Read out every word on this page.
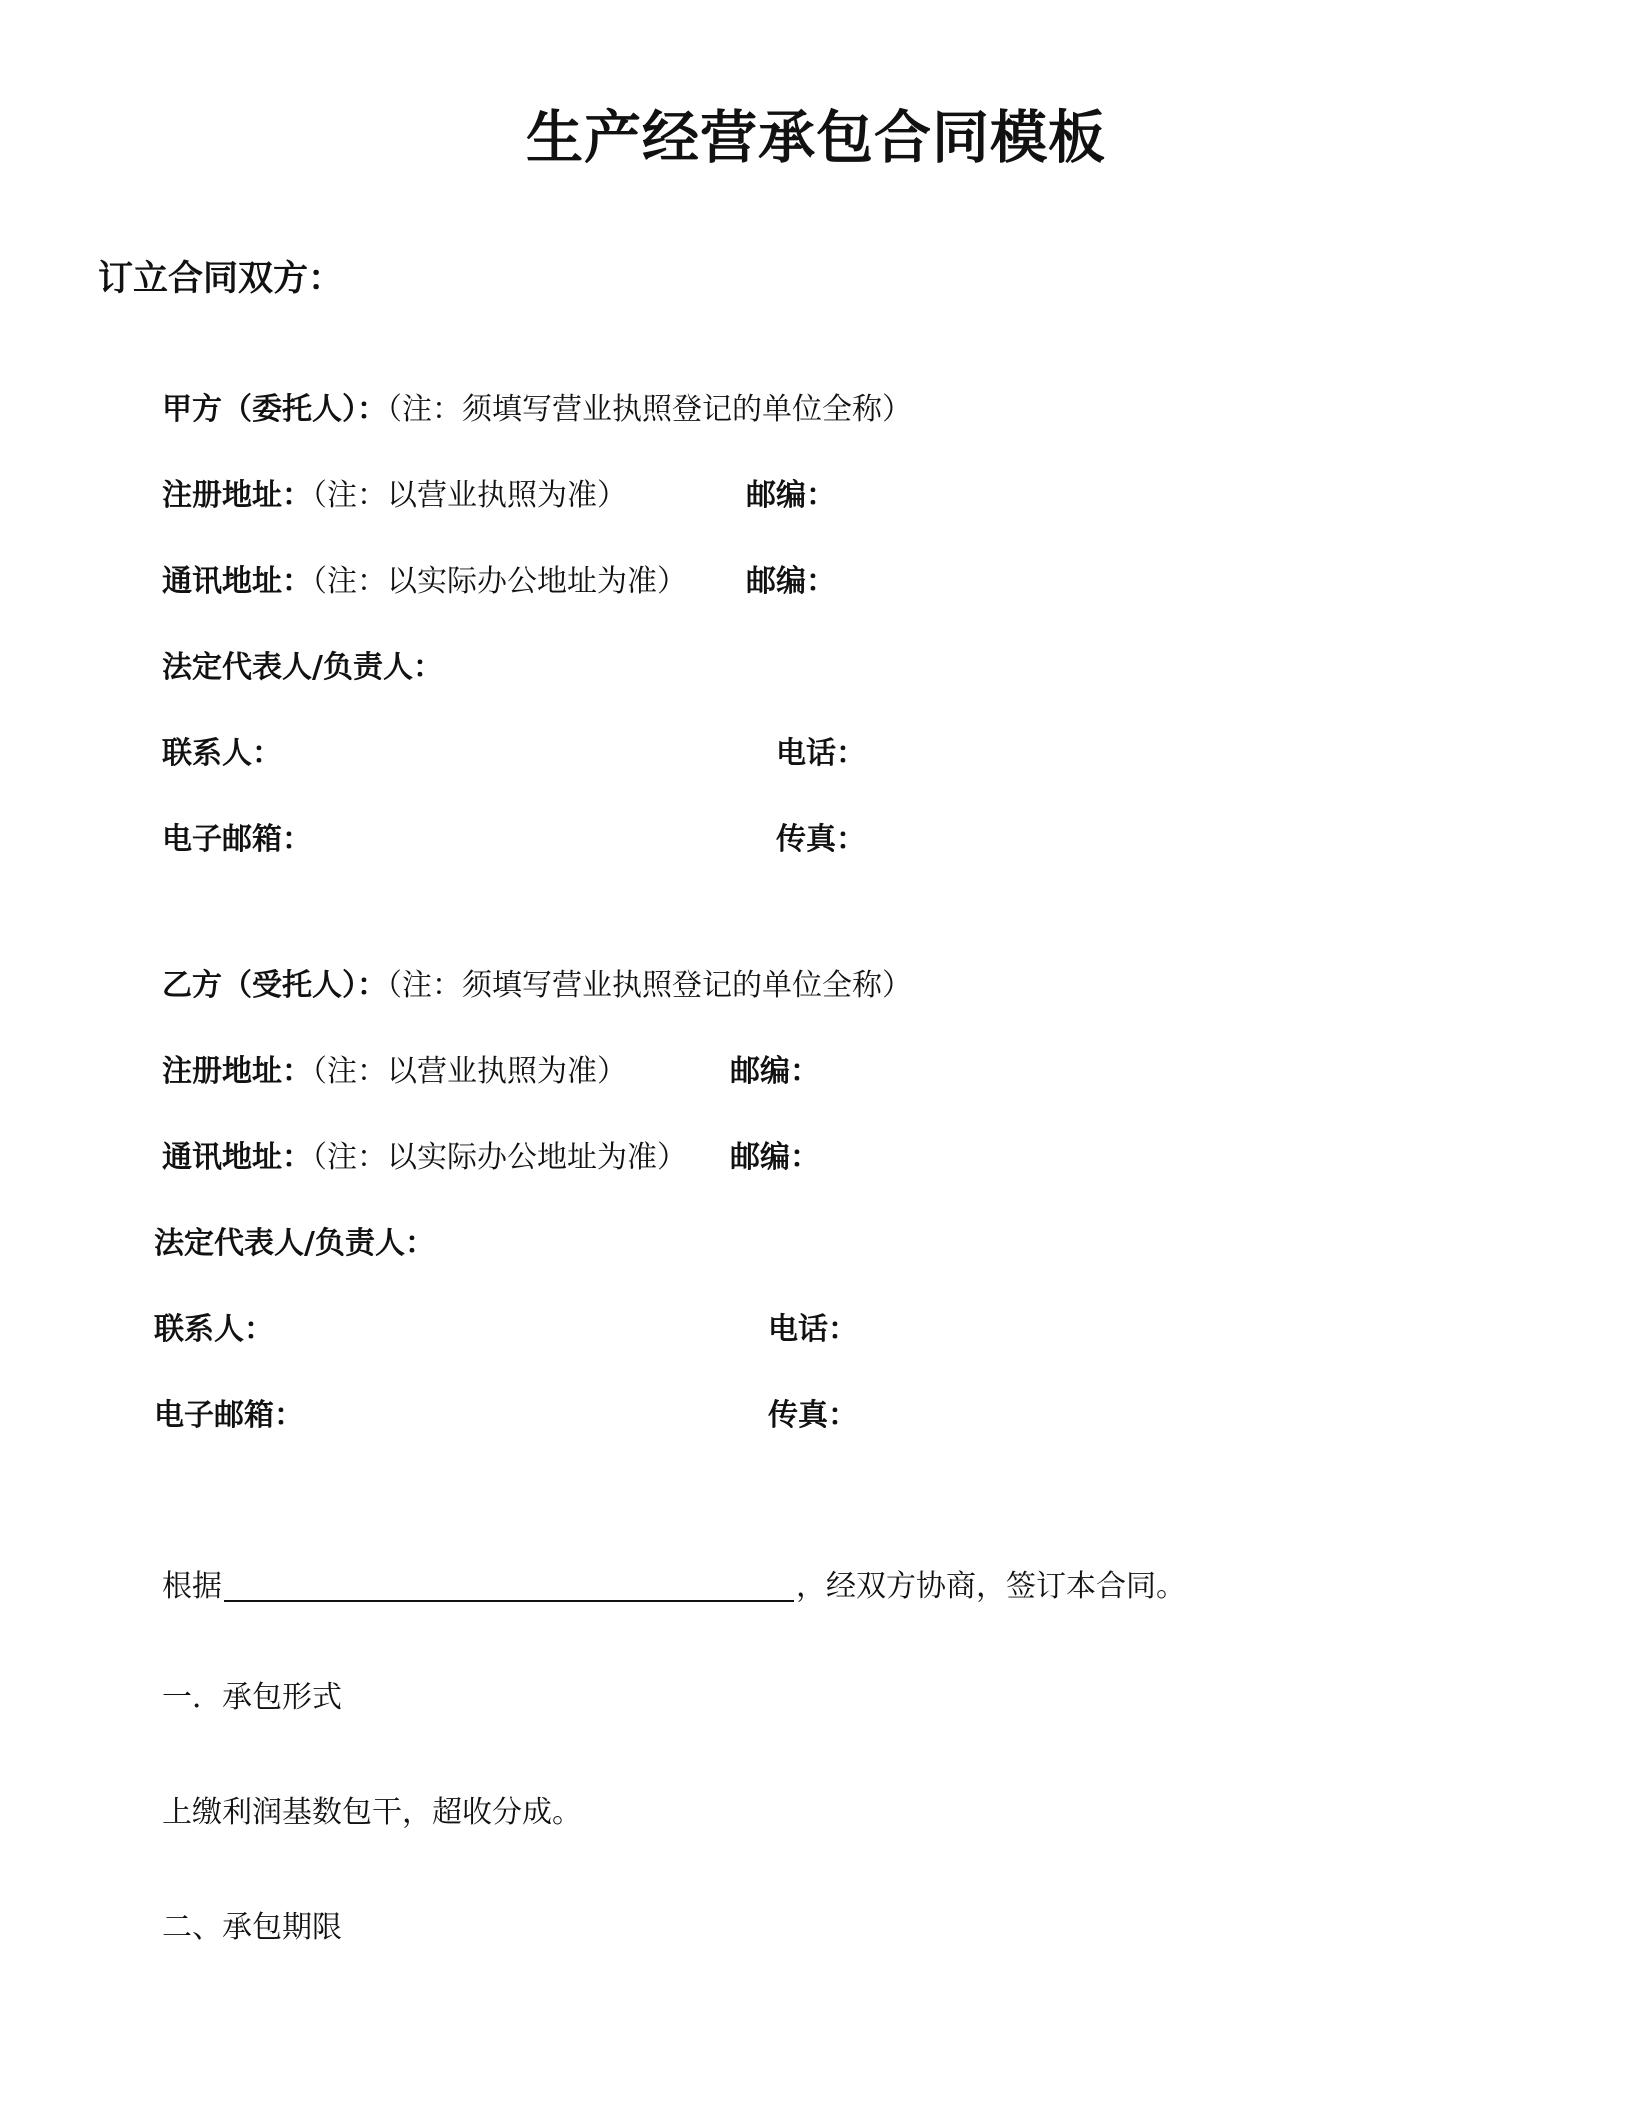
生产经营承包合同模板
订立合同双方：
甲方（委托人）：（注：须填写营业执照登记的单位全称）
注册地址：（注：以营业执照为准）	邮编：
通讯地址：（注：以实际办公地址为准） 邮编：
法定代表人/负责人：
联系人：	电话：
电子邮箱：	传真：
乙方（受托人）：（注：须填写营业执照登记的单位全称）
注册地址：（注：以营业执照为准）	邮编：
通讯地址：（注：以实际办公地址为准） 邮编：
法定代表人/负责人：
联系人：	电话：
电子邮箱：	传真：
根据	，经双方协商，签订本合同。
一．承包形式
上缴利润基数包干，超收分成。
二、承包期限
